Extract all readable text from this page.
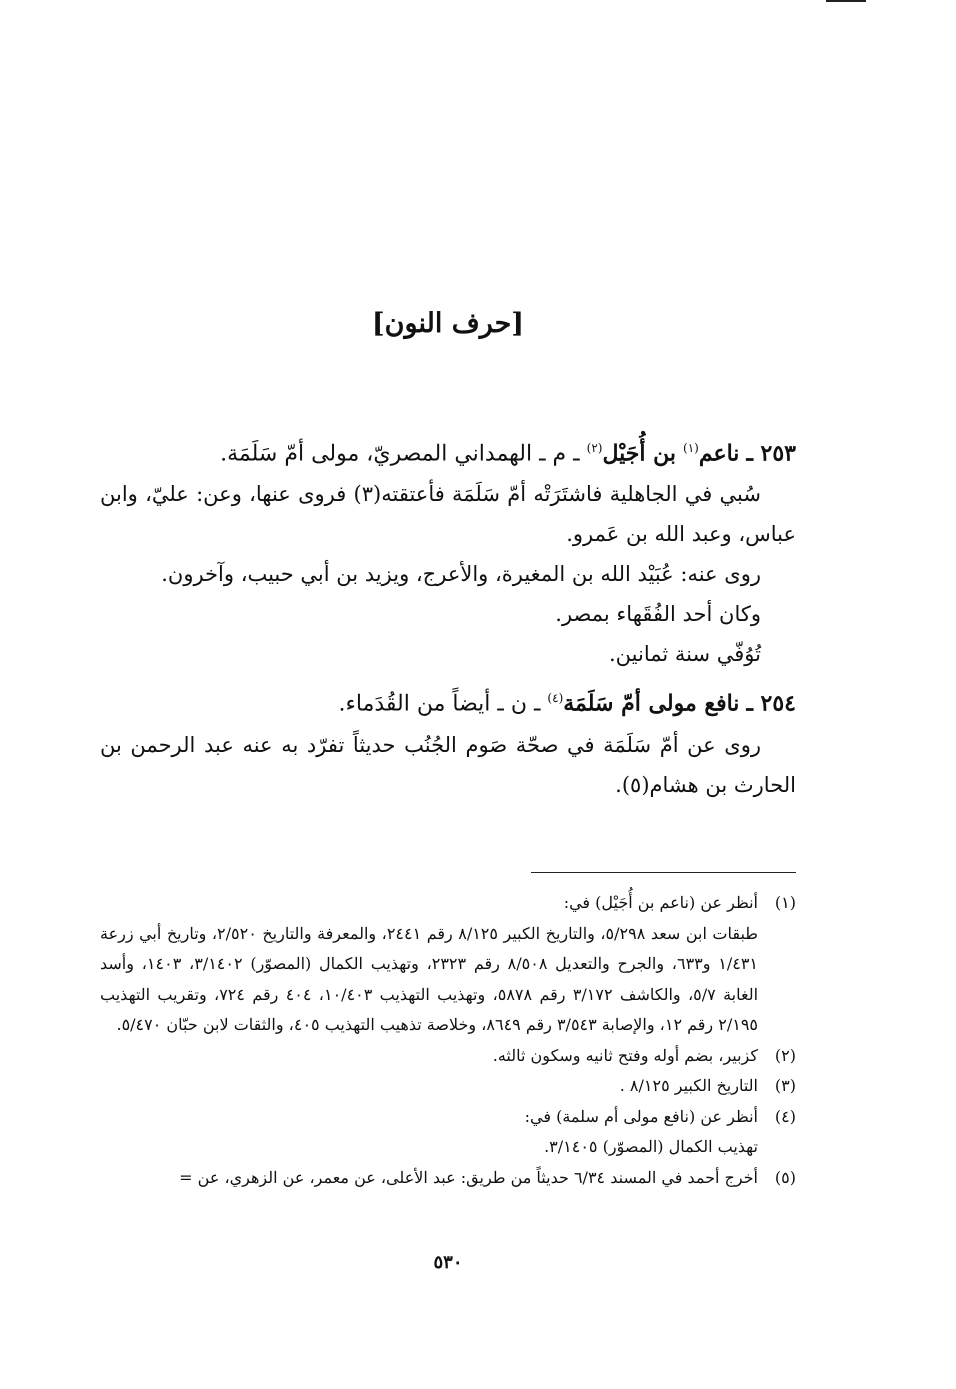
[حرف النون]

٢٥٣ ـ ناعم$^{(١)}$ بن أُجَيْل$^{(٢)}$ ـ م ـ الهمداني المصريّ، مولى أمّ سَلَمَة.

سُبي في الجاهلية فاشتَرَتْه أمّ سَلَمَة فأعتقته(٣) فروى عنها، وعن: عليّ، وابن عباس، وعبد الله بن عَمرو.

روى عنه: عُبَيْد الله بن المغيرة، والأعرج، ويزيد بن أبي حبيب، وآخرون.

وكان أحد الفُقَهاء بمصر.

تُوُفّي سنة ثمانين.

٢٥٤ ـ نافع مولى أمّ سَلَمَة$^{(٤)}$ ـ ن ـ أيضاً من القُدَماء.

روى عن أمّ سَلَمَة في صحّة صَوم الجُنُب حديثاً تفرّد به عنه عبد الرحمن بن الحارث بن هشام(٥).

(١)
أنظر عن (ناعم بن أُجَيْل) في:
طبقات ابن سعد ٥/٢٩٨، والتاريخ الكبير ٨/١٢٥ رقم ٢٤٤١، والمعرفة والتاريخ ٢/٥٢٠، وتاريخ أبي زرعة ١/٤٣١ و٦٣٣، والجرح والتعديل ٨/٥٠٨ رقم ٢٣٢٣، وتهذيب الكمال (المصوّر) ٣/١٤٠٢، ١٤٠٣، وأسد الغابة ٥/٧، والكاشف ٣/١٧٢ رقم ٥٨٧٨، وتهذيب التهذيب ١٠/٤٠٣، ٤٠٤ رقم ٧٢٤، وتقريب التهذيب ٢/١٩٥ رقم ١٢، والإصابة ٣/٥٤٣ رقم ٨٦٤٩، وخلاصة تذهيب التهذيب ٤٠٥، والثقات لابن حبّان ٥/٤٧٠.
(٢)
كزبير، بضم أوله وفتح ثانيه وسكون ثالثه.
(٣)
التاريخ الكبير ٨/١٢٥ .
(٤)
أنظر عن (نافع مولى أم سلمة) في:
تهذيب الكمال (المصوّر) ٣/١٤٠٥.
(٥)
أخرج أحمد في المسند ٦/٣٤ حديثاً من طريق: عبد الأعلى، عن معمر، عن الزهري، عن =
٥٣٠
